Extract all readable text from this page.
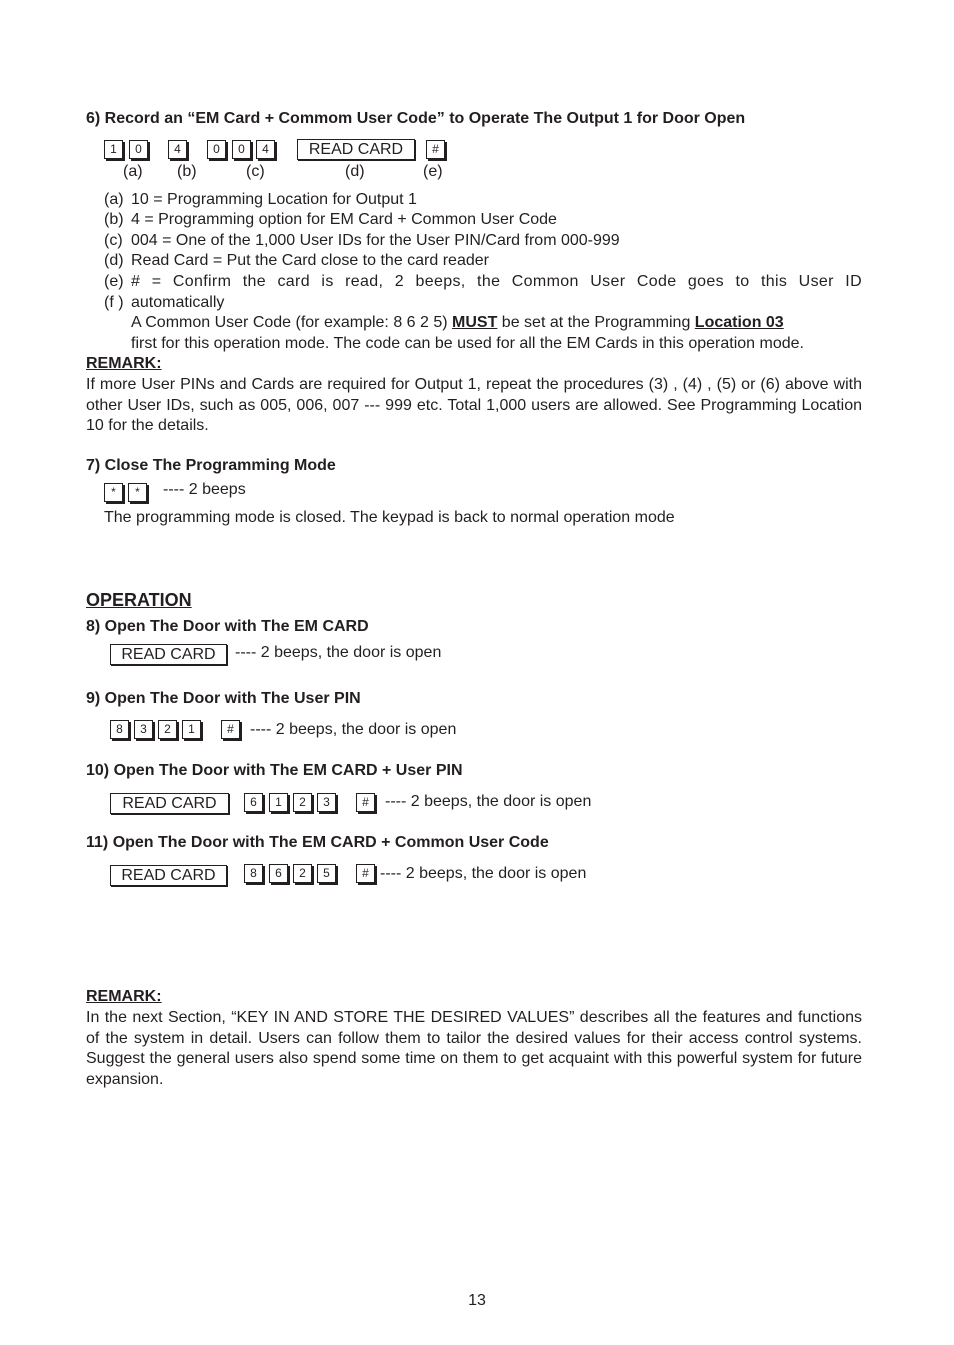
6) Record an “EM Card + Commom User Code” to Operate The Output 1 for Door Open
1	0	4	0	0	4	READ CARD	#
(a) (b)	(c)	(d)	(e)
(a) 10 = Programming Location for Output 1
(b) 4 = Programming option for EM Card + Common User Code
(c) 004 = One of the 1,000 User IDs for the User PIN/Card from 000-999
(d) Read Card = Put the Card close to the card reader
(e) # = Confirm the card is read, 2 beeps, the Common User Code goes to this User ID
(f ) automatically
A Common User Code (for example: 8 6 2 5) MUST be set at the Programming Location 03
first for this operation mode. The code can be used for all the EM Cards in this operation mode.
REMARK:
If more User PINs and Cards are required for Output 1, repeat the procedures (3) , (4) , (5) or (6) above with other User IDs, such as 005, 006, 007 --- 999 etc. Total 1,000 users are allowed. See Programming Location 10 for the details.
7) Close The Programming Mode
*	*	---- 2 beeps
The programming mode is closed. The keypad is back to normal operation mode
OPERATION
8) Open The Door with The EM CARD
READ CARD	---- 2 beeps, the door is open
9) Open The Door with The User PIN
8	3	2	1	#	---- 2 beeps, the door is open
10) Open The Door with The EM CARD + User PIN
READ CARD	6	1	2	3	#	---- 2 beeps, the door is open
11) Open The Door with The EM CARD + Common User Code
READ CARD	8	6	2	5	# ---- 2 beeps, the door is open
REMARK:
In the next Section, “KEY IN AND STORE THE DESIRED VALUES” describes all the features and functions of the system in detail. Users can follow them to tailor the desired values for their access control systems. Suggest the general users also spend some time on them to get acquaint with this powerful system for future expansion.
13
